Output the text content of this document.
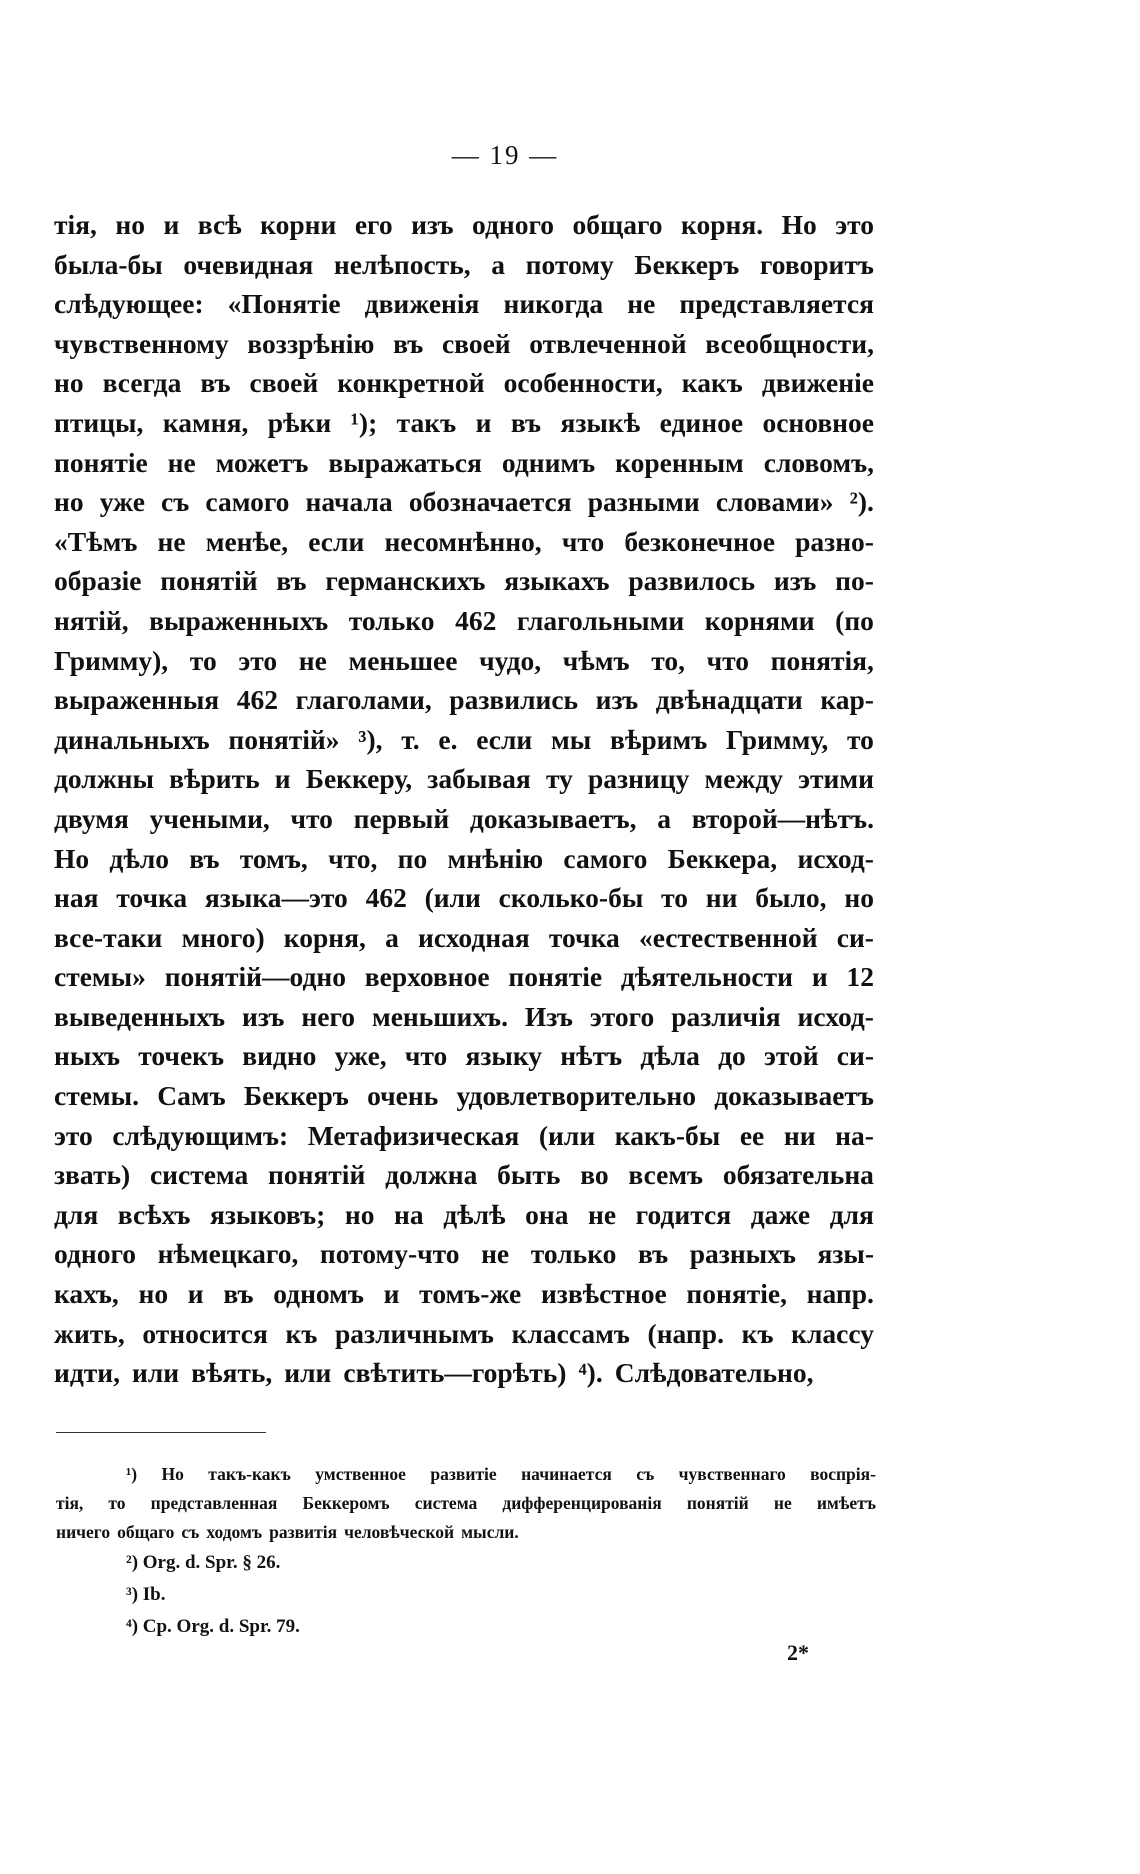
— 19 —
тія, но и всѣ корни его изъ одного общаго корня. Но это
была-бы очевидная нелѣпость, а потому Беккеръ говоритъ
слѣдующее: «Понятіе движенія никогда не представляется
чувственному воззрѣнію въ своей отвлеченной всеобщности,
но всегда въ своей конкретной особенности, какъ движеніе
птицы, камня, рѣки ¹); такъ и въ языкѣ единое основное
понятіе не можетъ выражаться однимъ коренным словомъ,
но уже съ самого начала обозначается разными словами» ²).
«Тѣмъ не менѣе, если несомнѣнно, что безконечное разно-
образіе понятій въ германскихъ языкахъ развилось изъ по-
нятій, выраженныхъ только 462 глагольными корнями (по
Гримму), то это не меньшее чудо, чѣмъ то, что понятія,
выраженныя 462 глаголами, развились изъ двѣнадцати кар-
динальныхъ понятій» ³), т. е. если мы вѣримъ Гримму, то
должны вѣрить и Беккеру, забывая ту разницу между этими
двумя учеными, что первый доказываетъ, а второй—нѣтъ.
Но дѣло въ томъ, что, по мнѣнію самого Беккера, исход-
ная точка языка—это 462 (или сколько-бы то ни было, но
все-таки много) корня, а исходная точка «естественной си-
стемы» понятій—одно верховное понятіе дѣятельности и 12
выведенныхъ изъ него меньшихъ. Изъ этого различія исход-
ныхъ точекъ видно уже, что языку нѣтъ дѣла до этой си-
стемы. Самъ Беккеръ очень удовлетворительно доказываетъ
это слѣдующимъ: Метафизическая (или какъ-бы ее ни на-
звать) система понятій должна быть во всемъ обязательна
для всѣхъ языковъ; но на дѣлѣ она не годится даже для
одного нѣмецкаго, потому-что не только въ разныхъ язы-
кахъ, но и въ одномъ и томъ-же извѣстное понятіе, напр.
жить, относится къ различнымъ классамъ (напр. къ классу
идти, или вѣять, или свѣтить—горѣть) ⁴). Слѣдовательно,
¹) Но такъ-какъ умственное развитіе начинается съ чувственнаго воспрія-
тія, то представленная Беккеромъ система дифференцированія понятій не имѣетъ
ничего общаго съ ходомъ развитія человѣческой мысли.
²) Org. d. Spr. § 26.
³) Ib.
⁴) Cp. Org. d. Spr. 79.
2*
